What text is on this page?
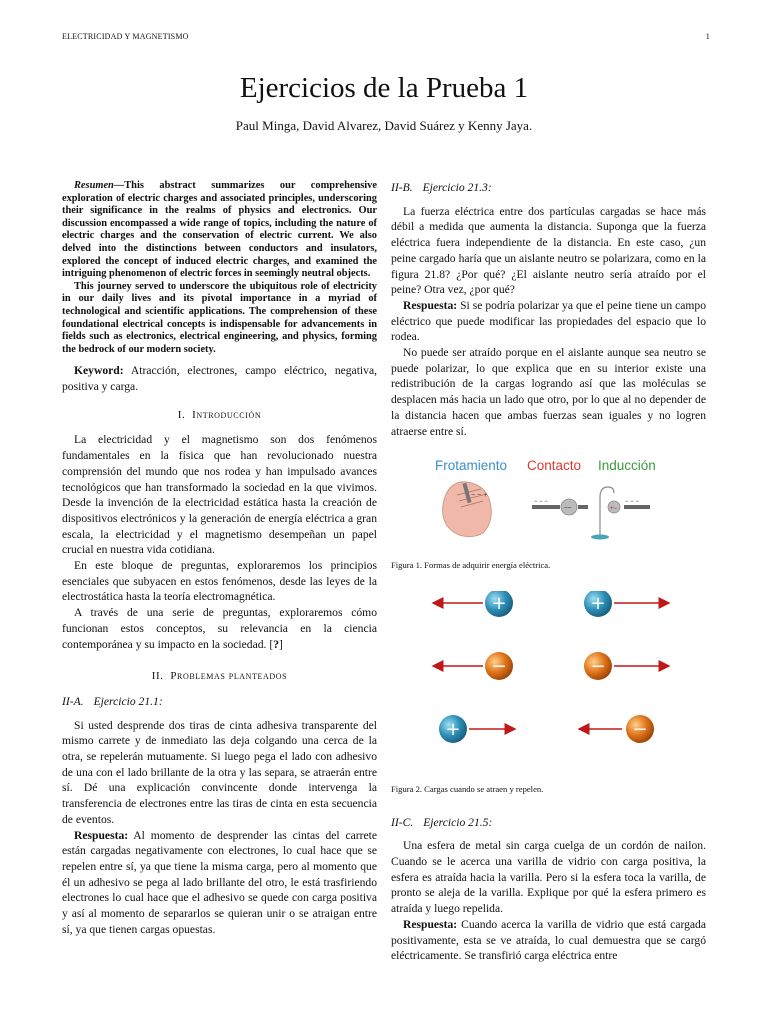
ELECTRICIDAD Y MAGNETISMO	1
Ejercicios de la Prueba 1
Paul Minga, David Alvarez, David Suárez y Kenny Jaya.

Resumen—This abstract summarizes our comprehensive exploration of electric charges and associated principles, underscoring their significance in the realms of physics and electronics. Our discussion encompassed a wide range of topics, including the nature of electric charges and the conservation of electric current. We also delved into the distinctions between conductors and insulators, explored the concept of induced electric charges, and examined the intriguing phenomenon of electric forces in seemingly neutral objects.

This journey served to underscore the ubiquitous role of electricity in our daily lives and its pivotal importance in a myriad of technological and scientific applications. The comprehension of these foundational electrical concepts is indispensable for advancements in fields such as electronics, electrical engineering, and physics, forming the bedrock of our modern society.

Keyword: Atracción, electrones, campo eléctrico, negativa, positiva y carga.

I. Introducción

La electricidad y el magnetismo son dos fenómenos fundamentales en la física que han revolucionado nuestra comprensión del mundo que nos rodea y han impulsado avances tecnológicos que han transformado la sociedad en la que vivimos. Desde la invención de la electricidad estática hasta la creación de dispositivos electrónicos y la generación de energía eléctrica a gran escala, la electricidad y el magnetismo desempeñan un papel crucial en nuestra vida cotidiana.

En este bloque de preguntas, exploraremos los principios esenciales que subyacen en estos fenómenos, desde las leyes de la electrostática hasta la teoría electromagnética.

A través de una serie de preguntas, exploraremos cómo funcionan estos conceptos, su relevancia en la ciencia contemporánea y su impacto en la sociedad. [?]

II. Problemas planteados
II-A. Ejercicio 21.1:

Si usted desprende dos tiras de cinta adhesiva transparente del mismo carrete y de inmediato las deja colgando una cerca de la otra, se repelerán mutuamente. Si luego pega el lado con adhesivo de una con el lado brillante de la otra y las separa, se atraerán entre sí. Dé una explicación convincente donde intervenga la transferencia de electrones entre las tiras de cinta en esta secuencia de eventos.

Respuesta: Al momento de desprender las cintas del carrete están cargadas negativamente con electrones, lo cual hace que se repelen entre sí, ya que tiene la misma carga, pero al momento que él un adhesivo se pega al lado brillante del otro, le está trasfiriendo electrones lo cual hace que el adhesivo se quede con carga positiva y así al momento de separarlos se quieran unir o se atraigan entre sí, ya que tienen cargas opuestas.

II-B. Ejercicio 21.3:

La fuerza eléctrica entre dos partículas cargadas se hace más débil a medida que aumenta la distancia. Suponga que la fuerza eléctrica fuera independiente de la distancia. En este caso, ¿un peine cargado haría que un aislante neutro se polarizara, como en la figura 21.8? ¿Por qué? ¿El aislante neutro sería atraído por el peine? Otra vez, ¿por qué?

Respuesta: Si se podría polarizar ya que el peine tiene un campo eléctrico que puede modificar las propiedades del espacio que lo rodea.

No puede ser atraído porque en el aislante aunque sea neutro se puede polarizar, lo que explica que en su interior existe una redistribución de la cargas logrando así que las moléculas se desplacen más hacia un lado que otro, por lo que al no depender de la distancia hacen que ambas fuerzas sean iguales y no logren atraerse entre sí.

Frotamiento Contacto Inducción
− − +
− − −
−−	+−
− − −

Figura 1. Formas de adquirir energía eléctrica.

+	+
−	−
+	−

Figura 2. Cargas cuando se atraen y repelen.

II-C. Ejercicio 21.5:

Una esfera de metal sin carga cuelga de un cordón de nailon. Cuando se le acerca una varilla de vidrio con carga positiva, la esfera es atraída hacia la varilla. Pero si la esfera toca la varilla, de pronto se aleja de la varilla. Explique por qué la esfera primero es atraída y luego repelida.

Respuesta: Cuando acerca la varilla de vidrio que está cargada positivamente, esta se ve atraída, lo cual demuestra que se cargó eléctricamente. Se transfirió carga eléctrica entre
